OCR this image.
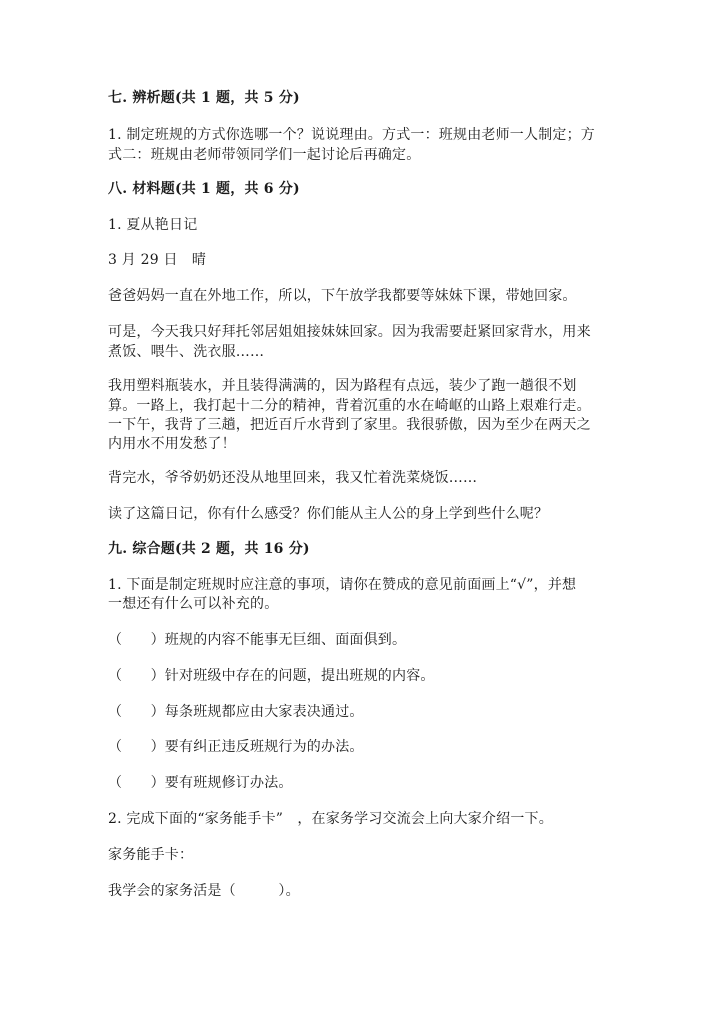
七. 辨析题(共 1 题，共 5 分)
1. 制定班规的方式你选哪一个？说说理由。方式一：班规由老师一人制定；方
式二：班规由老师带领同学们一起讨论后再确定。
八. 材料题(共 1 题，共 6 分)
1. 夏从艳日记
3 月 29 日　晴
爸爸妈妈一直在外地工作，所以，下午放学我都要等妹妹下课，带她回家。
可是，今天我只好拜托邻居姐姐接妹妹回家。因为我需要赶紧回家背水，用来
煮饭、喂牛、洗衣服……
我用塑料瓶装水，并且装得满满的，因为路程有点远，装少了跑一趟很不划
算。一路上，我打起十二分的精神，背着沉重的水在崎岖的山路上艰难行走。
一下午，我背了三趟，把近百斤水背到了家里。我很骄傲，因为至少在两天之
内用水不用发愁了！
背完水，爷爷奶奶还没从地里回来，我又忙着洗菜烧饭……
读了这篇日记，你有什么感受？你们能从主人公的身上学到些什么呢？
九. 综合题(共 2 题，共 16 分)
1. 下面是制定班规时应注意的事项，请你在赞成的意见前面画上“√”，并想
一想还有什么可以补充的。
（　　）班规的内容不能事无巨细、面面俱到。
（　　）针对班级中存在的问题，提出班规的内容。
（　　）每条班规都应由大家表决通过。
（　　）要有纠正违反班规行为的办法。
（　　）要有班规修订办法。
2. 完成下面的“家务能手卡”　，在家务学习交流会上向大家介绍一下。
家务能手卡：
我学会的家务活是（　　　）。
